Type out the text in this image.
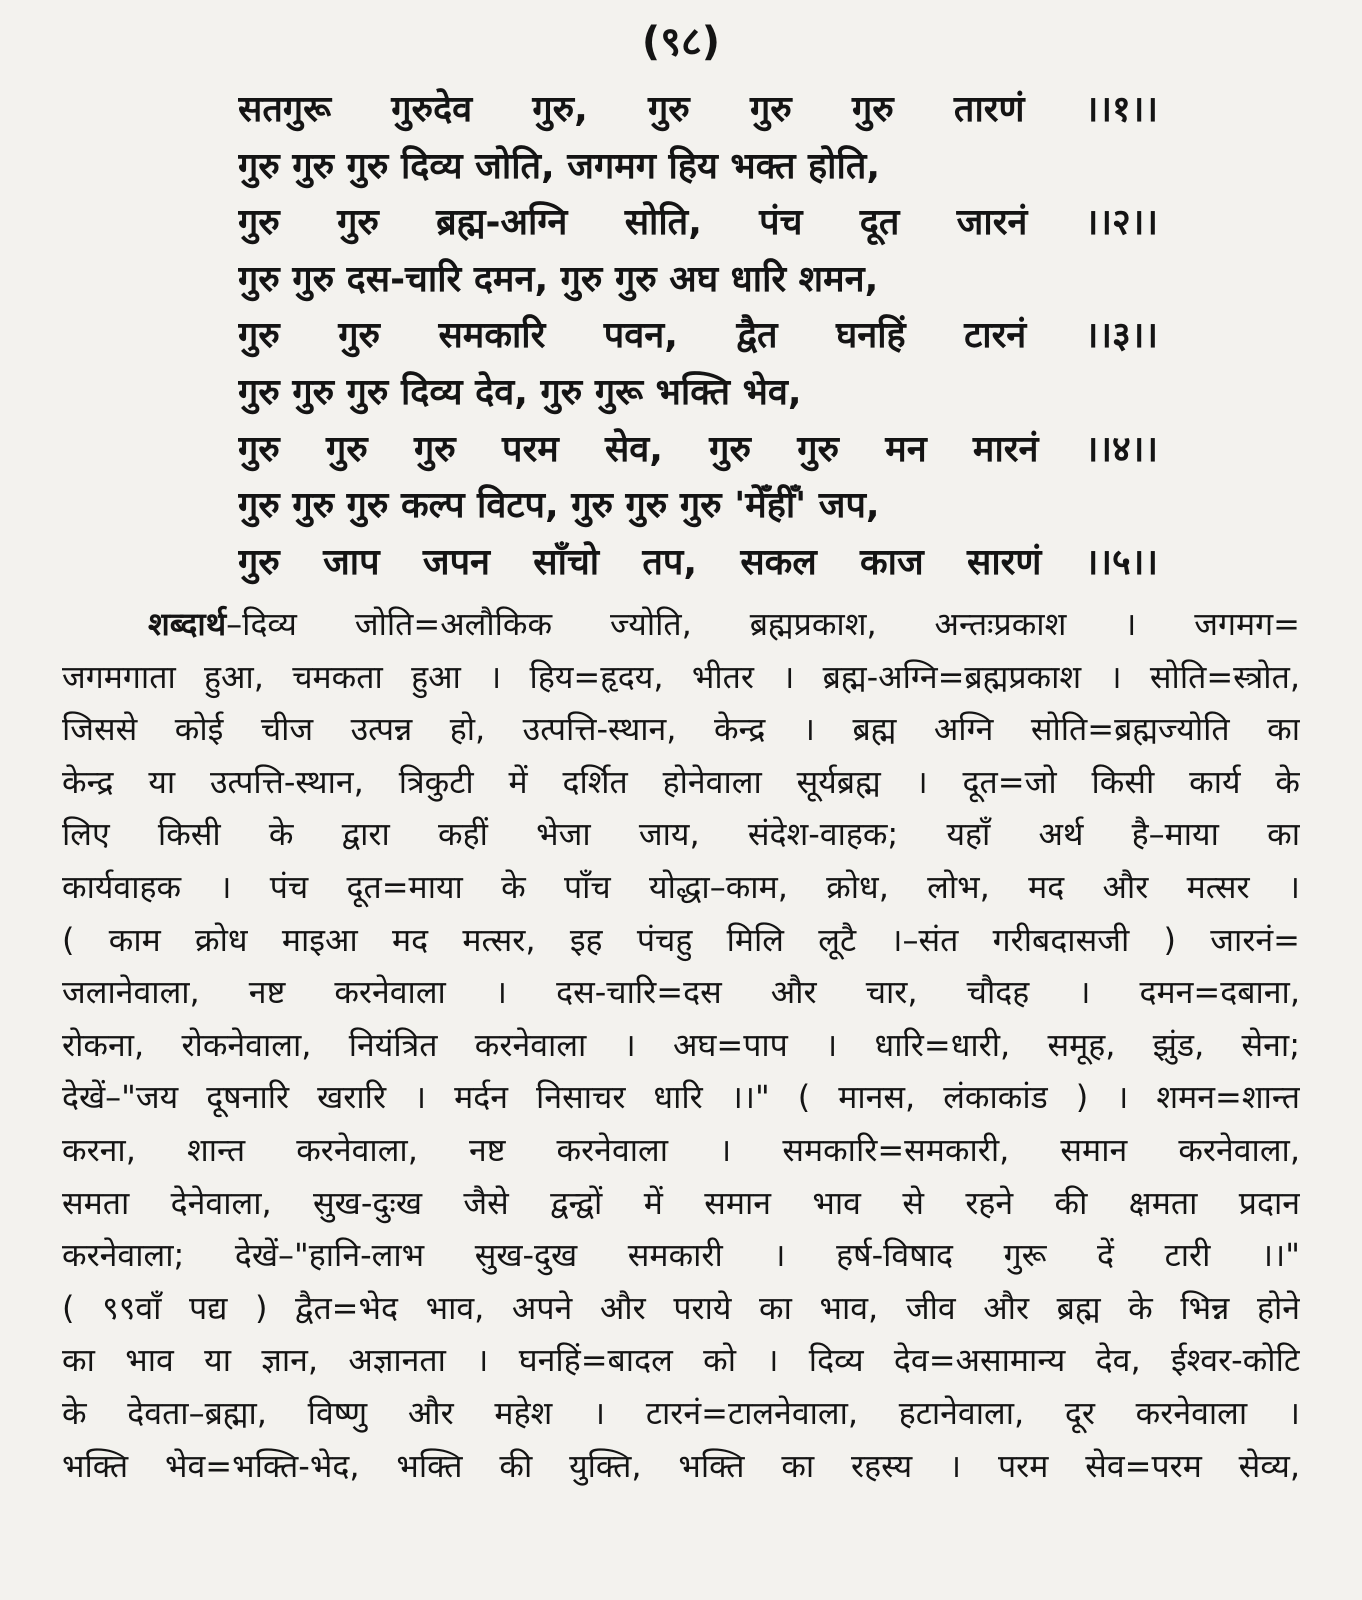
(९८)
सतगुरू गुरुदेव गुरु, गुरु गुरु गुरु तारणं ।।१।।
गुरु गुरु गुरु दिव्य जोति, जगमग हिय भक्त होति,
गुरु गुरु ब्रह्म-अग्नि सोति, पंच दूत जारनं ।।२।।
गुरु गुरु दस-चारि दमन, गुरु गुरु अघ धारि शमन,
गुरु गुरु समकारि पवन, द्वैत घनहिं टारनं ।।३।।
गुरु गुरु गुरु दिव्य देव, गुरु गुरू भक्ति भेव,
गुरु गुरु गुरु परम सेव, गुरु गुरु मन मारनं ।।४।।
गुरु गुरु गुरु कल्प विटप, गुरु गुरु गुरु 'मेँहीँ' जप,
गुरु जाप जपन साँचो तप, सकल काज सारणं ।।५।।
शब्दार्थ–दिव्य जोति=अलौकिक ज्योति, ब्रह्मप्रकाश, अन्तःप्रकाश । जगमग=
जगमगाता हुआ, चमकता हुआ । हिय=हृदय, भीतर । ब्रह्म-अग्नि=ब्रह्मप्रकाश । सोति=स्त्रोत,
जिससे कोई चीज उत्पन्न हो, उत्पत्ति-स्थान, केन्द्र । ब्रह्म अग्नि सोति=ब्रह्मज्योति का
केन्द्र या उत्पत्ति-स्थान, त्रिकुटी में दर्शित होनेवाला सूर्यब्रह्म । दूत=जो किसी कार्य के
लिए किसी के द्वारा कहीं भेजा जाय, संदेश-वाहक; यहाँ अर्थ है–माया का
कार्यवाहक । पंच दूत=माया के पाँच योद्धा–काम, क्रोध, लोभ, मद और मत्सर ।
( काम क्रोध माइआ मद मत्सर, इह पंचहु मिलि लूटै ।–संत गरीबदासजी ) जारनं=
जलानेवाला, नष्ट करनेवाला । दस-चारि=दस और चार, चौदह । दमन=दबाना,
रोकना, रोकनेवाला, नियंत्रित करनेवाला । अघ=पाप । धारि=धारी, समूह, झुंड, सेना;
देखें–"जय दूषनारि खरारि । मर्दन निसाचर धारि ।।" ( मानस, लंकाकांड ) । शमन=शान्त
करना, शान्त करनेवाला, नष्ट करनेवाला । समकारि=समकारी, समान करनेवाला,
समता देनेवाला, सुख-दुःख जैसे द्वन्द्वों में समान भाव से रहने की क्षमता प्रदान
करनेवाला; देखें–"हानि-लाभ सुख-दुख समकारी । हर्ष-विषाद गुरू दें टारी ।।"
( ९९वाँ पद्य ) द्वैत=भेद भाव, अपने और पराये का भाव, जीव और ब्रह्म के भिन्न होने
का भाव या ज्ञान, अज्ञानता । घनहिं=बादल को । दिव्य देव=असामान्य देव, ईश्वर-कोटि
के देवता–ब्रह्मा, विष्णु और महेश । टारनं=टालनेवाला, हटानेवाला, दूर करनेवाला ।
भक्ति भेव=भक्ति-भेद, भक्ति की युक्ति, भक्ति का रहस्य । परम सेव=परम सेव्य,
